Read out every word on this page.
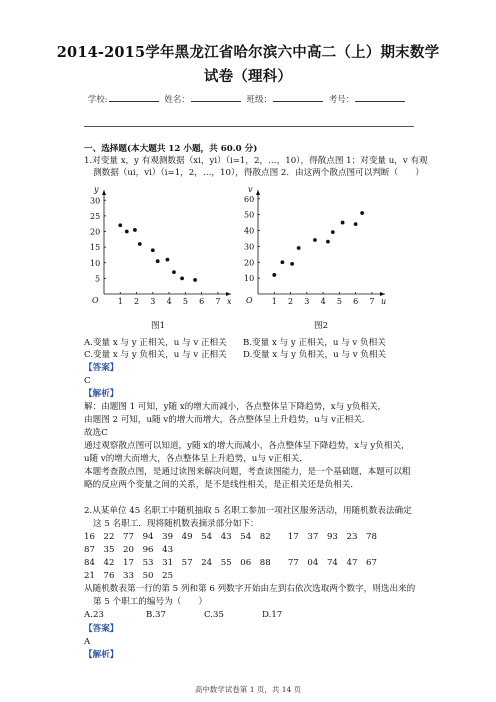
2014-2015学年黑龙江省哈尔滨六中高二（上）期末数学
试卷（理科）
学校:	姓名：	班级：	考号：
一、选择题(本大题共 12 小题，共 60.0 分)
1.对变量 x，y 有观测数据（xi，yi）（i=1，2，…，10），得散点图 1；对变量 u，v 有观
测数据（ui，vi）（i=1，2，…，10），得散点图 2．由这两个散点图可以判断（　　）
O	x
y
1 2 3 4 5 6 7
5
10
15
20
25
30
图1
O	u
v
1 2 3 4 5 6 7
10
20
30
40
50
60
图2
A.变量 x 与 y 正相关，u 与 v 正相关 B.变量 x 与 y 正相关，u 与 v 负相关
C.变量 x 与 y 负相关，u 与 v 正相关 D.变量 x 与 y 负相关，u 与 v 负相关
【答案】
C
【解析】
解：由题图 1 可知，y随 x的增大而减小，各点整体呈下降趋势，x与 y负相关，
由题图 2 可知，u随 v的增大而增大，各点整体呈上升趋势，u与 v正相关．
故选C
通过观察散点图可以知道，y随 x的增大而减小，各点整体呈下降趋势，x与 y负相关，
u随 v的增大而增大，各点整体呈上升趋势，u与 v正相关．
本题考查散点图，是通过读图来解决问题，考查读图能力，是一个基础题，本题可以粗
略的反应两个变量之间的关系，是不是线性相关，是正相关还是负相关．
2.从某单位 45 名职工中随机抽取 5 名职工参加一项社区服务活动，用随机数表法确定
这 5 名职工．现将随机数表摘录部分如下：
16　22　77　94　39　49　54　43　54　82　　17　37　93　23　78
87　35　20　96　43
84　42　17　53　31　57　24　55　06　88　　77　04　74　47　67
21　76　33　50　25
从随机数表第一行的第 5 列和第 6 列数字开始由左到右依次选取两个数字，则选出来的
第 5 个职工的编号为（　　）
A.23	B.37	C.35	D.17
【答案】
A
【解析】
高中数学试卷第 1 页，共 14 页
